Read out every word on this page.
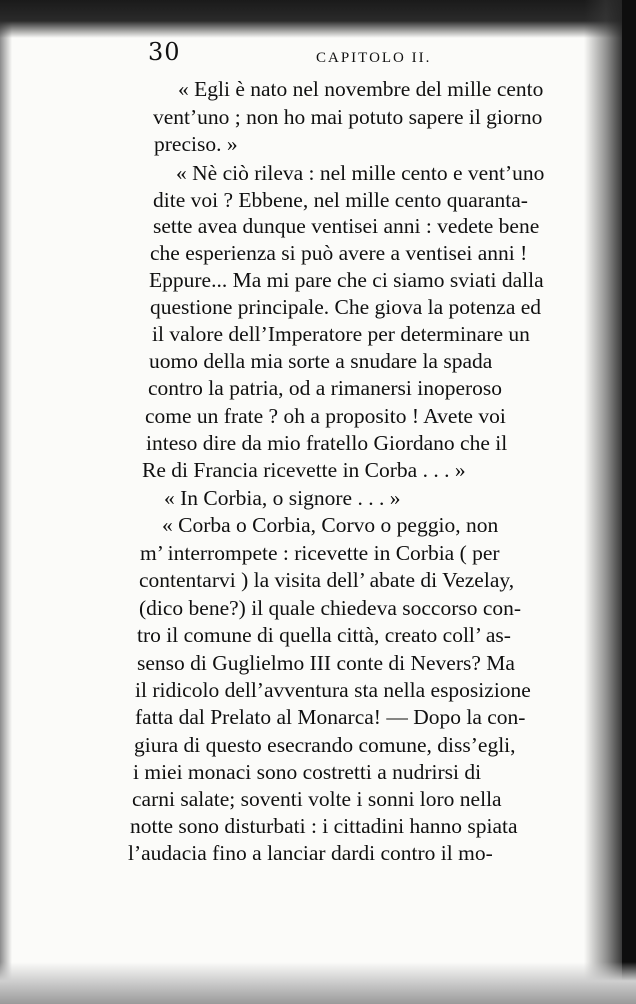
30	CAPITOLO II.
« Egli è nato nel novembre del mille cento
vent’uno ; non ho mai potuto sapere il giorno
preciso. »
« Nè ciò rileva : nel mille cento e vent’uno
dite voi ? Ebbene, nel mille cento quaranta-
sette avea dunque ventisei anni : vedete bene
che esperienza si può avere a ventisei anni !
Eppure... Ma mi pare che ci siamo sviati dalla
questione principale. Che giova la potenza ed
il valore dell’Imperatore per determinare un
uomo della mia sorte a snudare la spada
contro la patria, od a rimanersi inoperoso
come un frate ? oh a proposito ! Avete voi
inteso dire da mio fratello Giordano che il
Re di Francia ricevette in Corba . . . »
« In Corbia, o signore . . . »
« Corba o Corbia, Corvo o peggio, non
m’ interrompete : ricevette in Corbia ( per
contentarvi ) la visita dell’ abate di Vezelay,
(dico bene?) il quale chiedeva soccorso con-
tro il comune di quella città, creato coll’ as-
senso di Guglielmo III conte di Nevers? Ma
il ridicolo dell’avventura sta nella esposizione
fatta dal Prelato al Monarca! — Dopo la con-
giura di questo esecrando comune, diss’egli,
i miei monaci sono costretti a nudrirsi di
carni salate; soventi volte i sonni loro nella
notte sono disturbati : i cittadini hanno spiata
l’audacia fino a lanciar dardi contro il mo-
